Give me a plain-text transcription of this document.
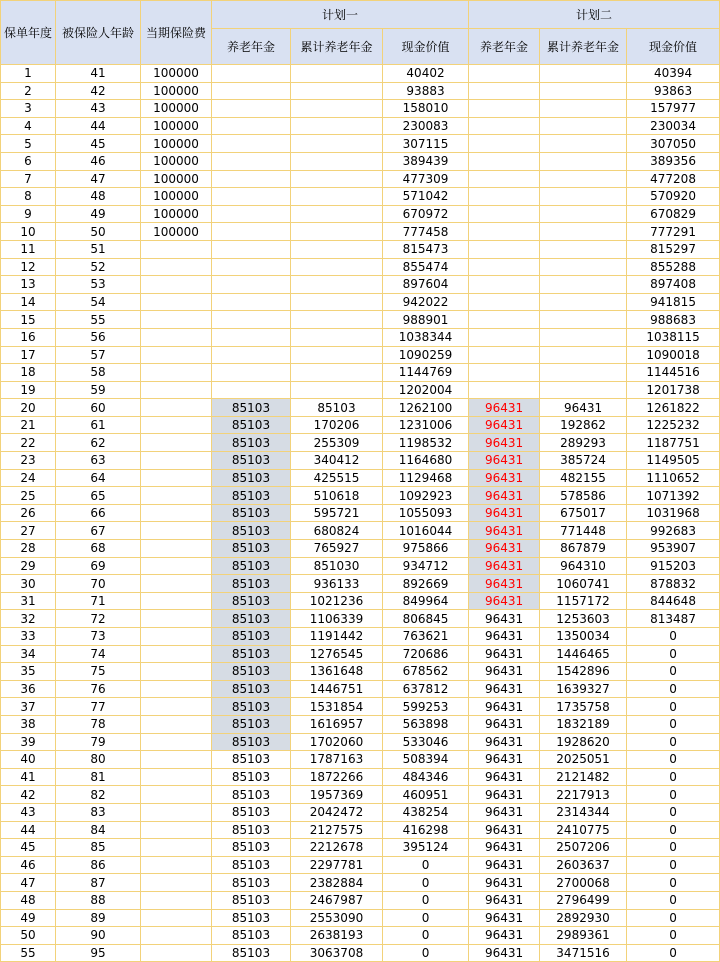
保单年度	被保险人年龄	当期保险费	计划一			计划二		
			养老年金	累计养老年金	现金价值	养老年金	累计养老年金	现金价值
1	41	100000			40402			40394
2	42	100000			93883			93863
3	43	100000			158010			157977
4	44	100000			230083			230034
5	45	100000			307115			307050
6	46	100000			389439			389356
7	47	100000			477309			477208
8	48	100000			571042			570920
9	49	100000			670972			670829
10	50	100000			777458			777291
11	51				815473			815297
12	52				855474			855288
13	53				897604			897408
14	54				942022			941815
15	55				988901			988683
16	56				1038344			1038115
17	57				1090259			1090018
18	58				1144769			1144516
19	59				1202004			1201738
20	60		85103	85103	1262100	96431	96431	1261822
21	61		85103	170206	1231006	96431	192862	1225232
22	62		85103	255309	1198532	96431	289293	1187751
23	63		85103	340412	1164680	96431	385724	1149505
24	64		85103	425515	1129468	96431	482155	1110652
25	65		85103	510618	1092923	96431	578586	1071392
26	66		85103	595721	1055093	96431	675017	1031968
27	67		85103	680824	1016044	96431	771448	992683
28	68		85103	765927	975866	96431	867879	953907
29	69		85103	851030	934712	96431	964310	915203
30	70		85103	936133	892669	96431	1060741	878832
31	71		85103	1021236	849964	96431	1157172	844648
32	72		85103	1106339	806845	96431	1253603	813487
33	73		85103	1191442	763621	96431	1350034	0
34	74		85103	1276545	720686	96431	1446465	0
35	75		85103	1361648	678562	96431	1542896	0
36	76		85103	1446751	637812	96431	1639327	0
37	77		85103	1531854	599253	96431	1735758	0
38	78		85103	1616957	563898	96431	1832189	0
39	79		85103	1702060	533046	96431	1928620	0
40	80		85103	1787163	508394	96431	2025051	0
41	81		85103	1872266	484346	96431	2121482	0
42	82		85103	1957369	460951	96431	2217913	0
43	83		85103	2042472	438254	96431	2314344	0
44	84		85103	2127575	416298	96431	2410775	0
45	85		85103	2212678	395124	96431	2507206	0
46	86		85103	2297781	0	96431	2603637	0
47	87		85103	2382884	0	96431	2700068	0
48	88		85103	2467987	0	96431	2796499	0
49	89		85103	2553090	0	96431	2892930	0
50	90		85103	2638193	0	96431	2989361	0
55	95		85103	3063708	0	96431	3471516	0
